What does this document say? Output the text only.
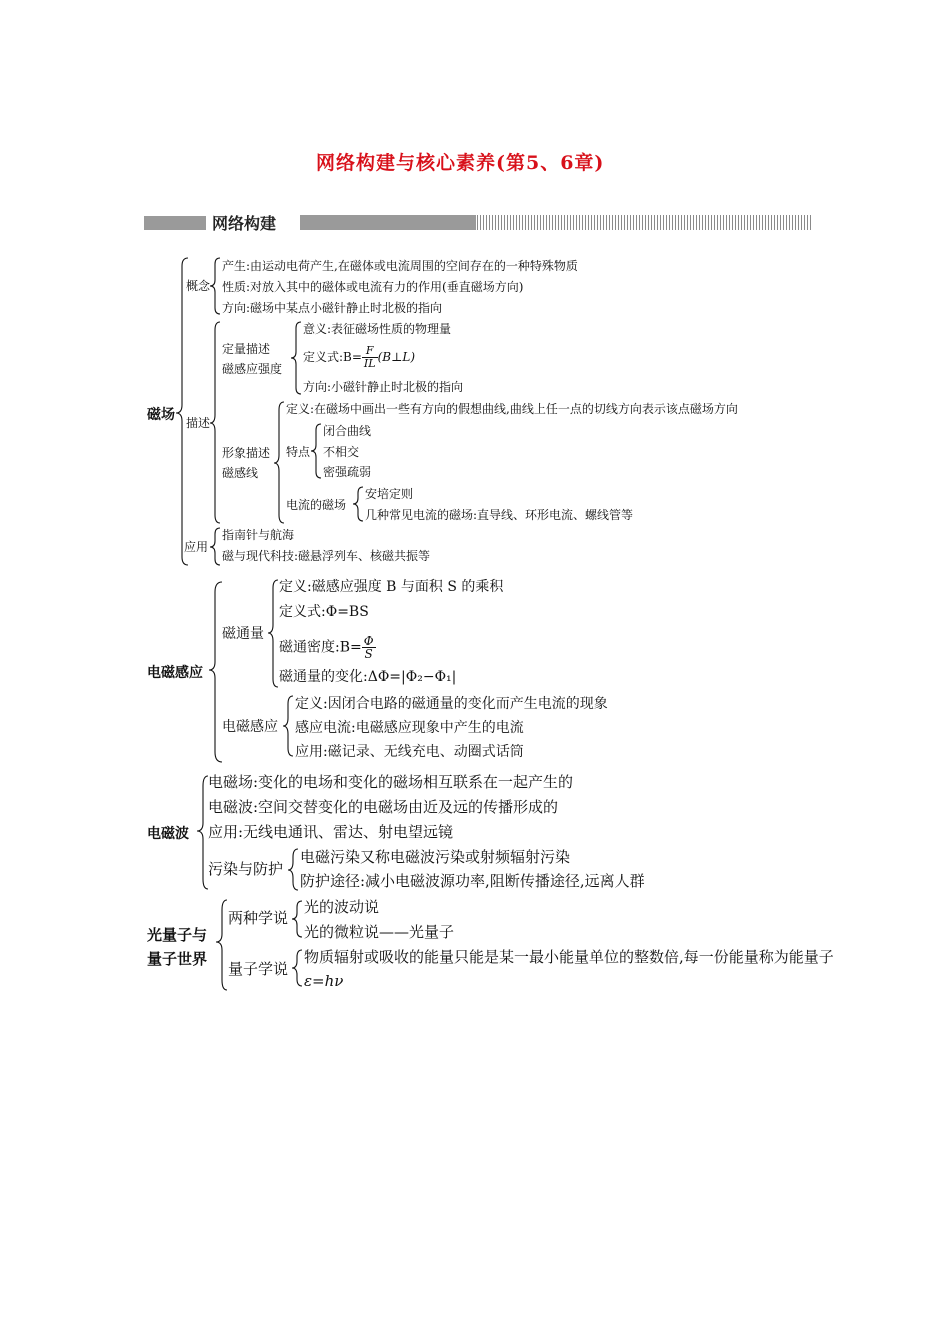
网络构建与核心素养(第5、6章)
网络构建
磁场
概念
产生:由运动电荷产生,在磁体或电流周围的空间存在的一种特殊物质
性质:对放入其中的磁体或电流有力的作用(垂直磁场方向)
方向:磁场中某点小磁针静止时北极的指向
描述
定量描述
磁感应强度
意义:表征磁场性质的物理量
定义式:B= $\frac{F}{IL}$ (B⊥L)
方向:小磁针静止时北极的指向
形象描述
磁感线
定义:在磁场中画出一些有方向的假想曲线,曲线上任一点的切线方向表示该点磁场方向
特点
闭合曲线
不相交
密强疏弱
电流的磁场
安培定则
几种常见电流的磁场:直导线、环形电流、螺线管等
应用
指南针与航海
磁与现代科技:磁悬浮列车、核磁共振等
电磁感应
磁通量
定义:磁感应强度 B 与面积 S 的乘积
定义式:Φ=BS
磁通密度:B= $\frac{\Phi}{S}$
磁通量的变化:ΔΦ=|Φ₂−Φ₁|
电磁感应
定义:因闭合电路的磁通量的变化而产生电流的现象
感应电流:电磁感应现象中产生的电流
应用:磁记录、无线充电、动圈式话筒
电磁波
电磁场:变化的电场和变化的磁场相互联系在一起产生的
电磁波:空间交替变化的电磁场由近及远的传播形成的
应用:无线电通讯、雷达、射电望远镜
污染与防护
电磁污染又称电磁波污染或射频辐射污染
防护途径:减小电磁波源功率,阻断传播途径,远离人群
光量子与
量子世界
两种学说
光的波动说
光的微粒说——光量子
量子学说
物质辐射或吸收的能量只能是某一最小能量单位的整数倍,每一份能量称为能量子
ε=hν
